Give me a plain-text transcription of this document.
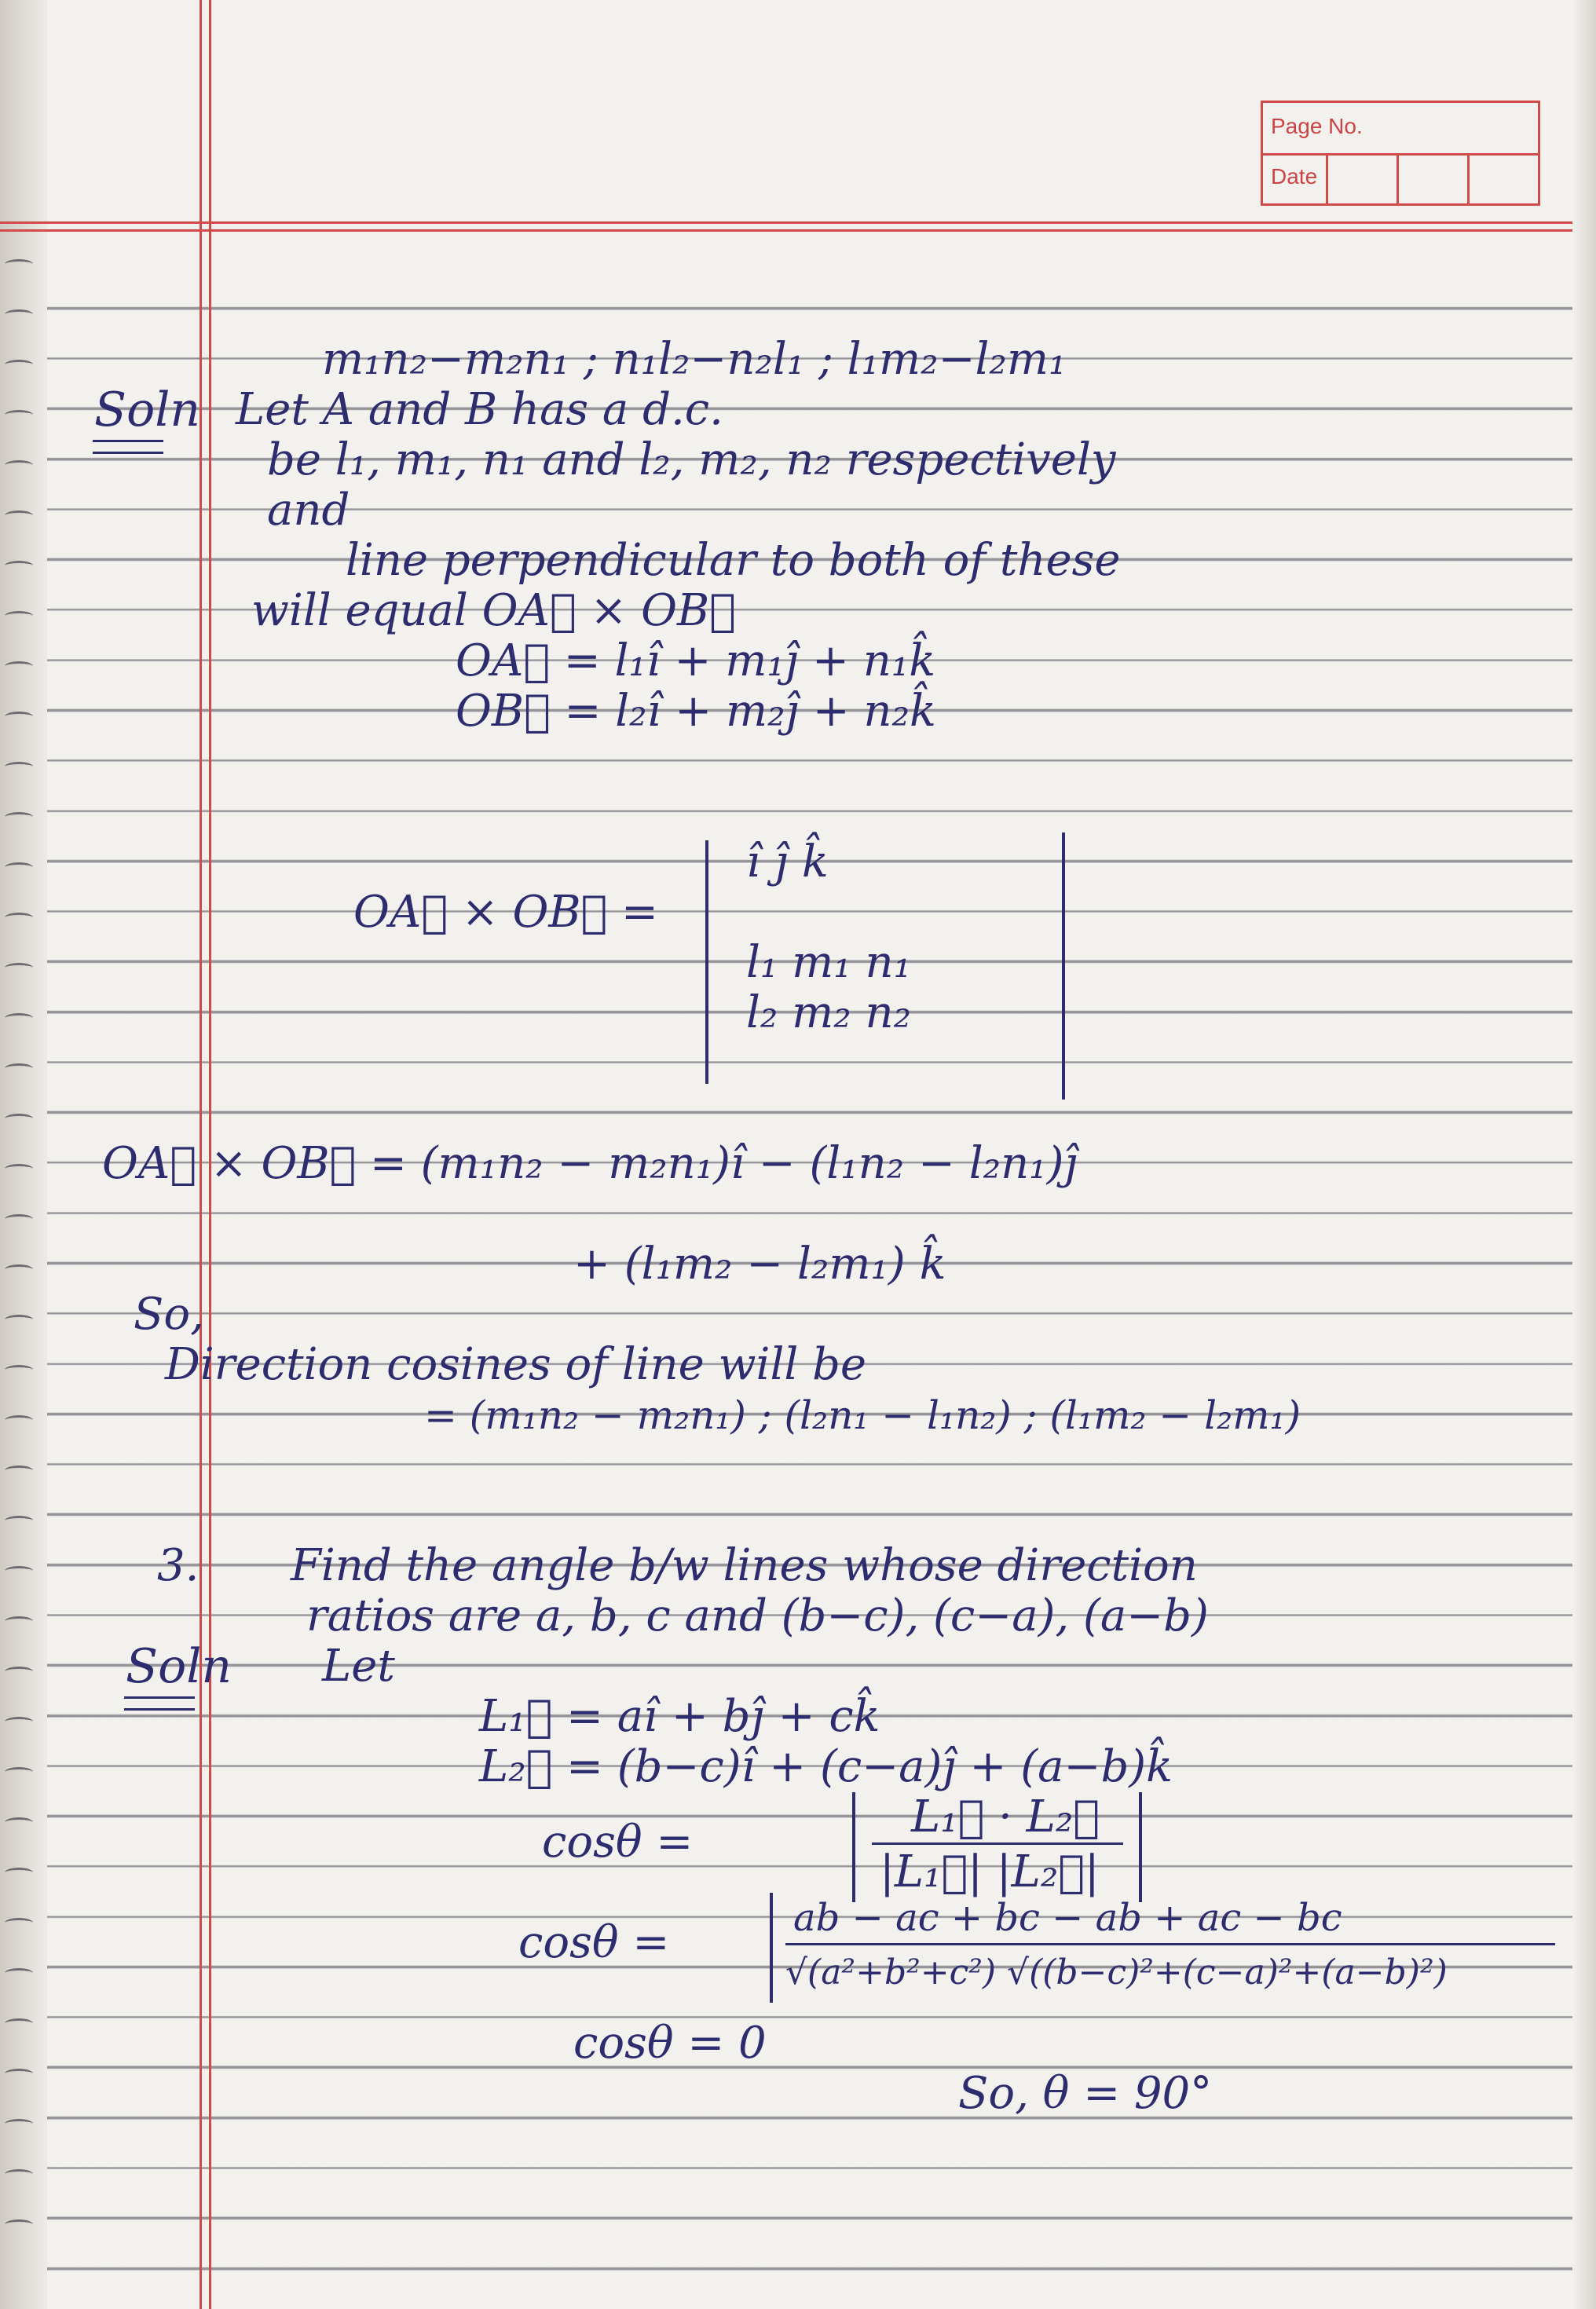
Page No.
Date
m₁n₂−m₂n₁ ; n₁l₂−n₂l₁ ; l₁m₂−l₂m₁
Soln Let A and B has a d.c.
be l₁, m₁, n₁ and l₂, m₂, n₂ respectively
and
line perpendicular to both of these
will equal OA⃗ × OB⃗
OA⃗ = l₁î + m₁ĵ + n₁k̂
OB⃗ = l₂î + m₂ĵ + n₂k̂
OA⃗ × OB⃗ =
î ĵ k̂
l₁ m₁ n₁
l₂ m₂ n₂
OA⃗ × OB⃗ = (m₁n₂ − m₂n₁)î − (l₁n₂ − l₂n₁)ĵ
+ (l₁m₂ − l₂m₁) k̂
So,
Direction cosines of line will be
= (m₁n₂ − m₂n₁) ; (l₂n₁ − l₁n₂) ; (l₁m₂ − l₂m₁)
3. Find the angle b/w lines whose direction
ratios are a, b, c and (b−c), (c−a), (a−b)
Soln Let
L₁⃗ = aî + bĵ + ck̂
L₂⃗ = (b−c)î + (c−a)ĵ + (a−b)k̂
cosθ =	L₁⃗ · L₂⃗
|L₁⃗| |L₂⃗|
cosθ =	ab − ac + bc − ab + ac − bc
√(a²+b²+c²) √((b−c)²+(c−a)²+(a−b)²)
cosθ = 0
So, θ = 90°
